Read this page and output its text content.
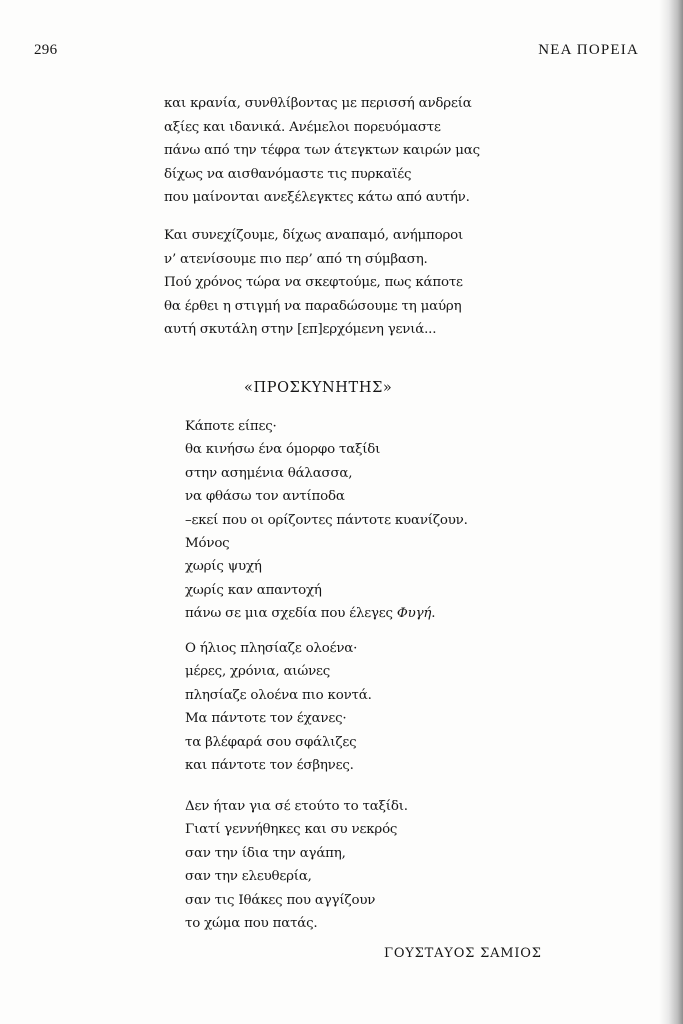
296	ΝΕΑ ΠΟΡΕΙΑ
και κρανία, συνθλίβοντας με περισσή ανδρεία
αξίες και ιδανικά. Ανέμελοι πορευόμαστε
πάνω από την τέφρα των άτεγκτων καιρών μας
δίχως να αισθανόμαστε τις πυρκαϊές
που μαίνονται ανεξέλεγκτες κάτω από αυτήν.
Και συνεχίζουμε, δίχως αναπαμό, ανήμποροι
ν’ ατενίσουμε πιο περ’ από τη σύμβαση.
Πού χρόνος τώρα να σκεφτούμε, πως κάποτε
θα έρθει η στιγμή να παραδώσουμε τη μαύρη
αυτή σκυτάλη στην [επ]ερχόμενη γενιά...
«ΠΡΟΣΚΥΝΗΤΗΣ»
Κάποτε είπες·
θα κινήσω ένα όμορφο ταξίδι
στην ασημένια θάλασσα,
να φθάσω τον αντίποδα
–εκεί που οι ορίζοντες πάντοτε κυανίζουν.
Μόνος
χωρίς ψυχή
χωρίς καν απαντοχή
πάνω σε μια σχεδία που έλεγες Φυγή.
Ο ήλιος πλησίαζε ολοένα·
μέρες, χρόνια, αιώνες
πλησίαζε ολοένα πιο κοντά.
Μα πάντοτε τον έχανες·
τα βλέφαρά σου σφάλιζες
και πάντοτε τον έσβηνες.
Δεν ήταν για σέ ετούτο το ταξίδι.
Γιατί γεννήθηκες και συ νεκρός
σαν την ίδια την αγάπη,
σαν την ελευθερία,
σαν τις Ιθάκες που αγγίζουν
το χώμα που πατάς.
ΓΟΥΣΤΑΥΟΣ ΣΑΜΙΟΣ
